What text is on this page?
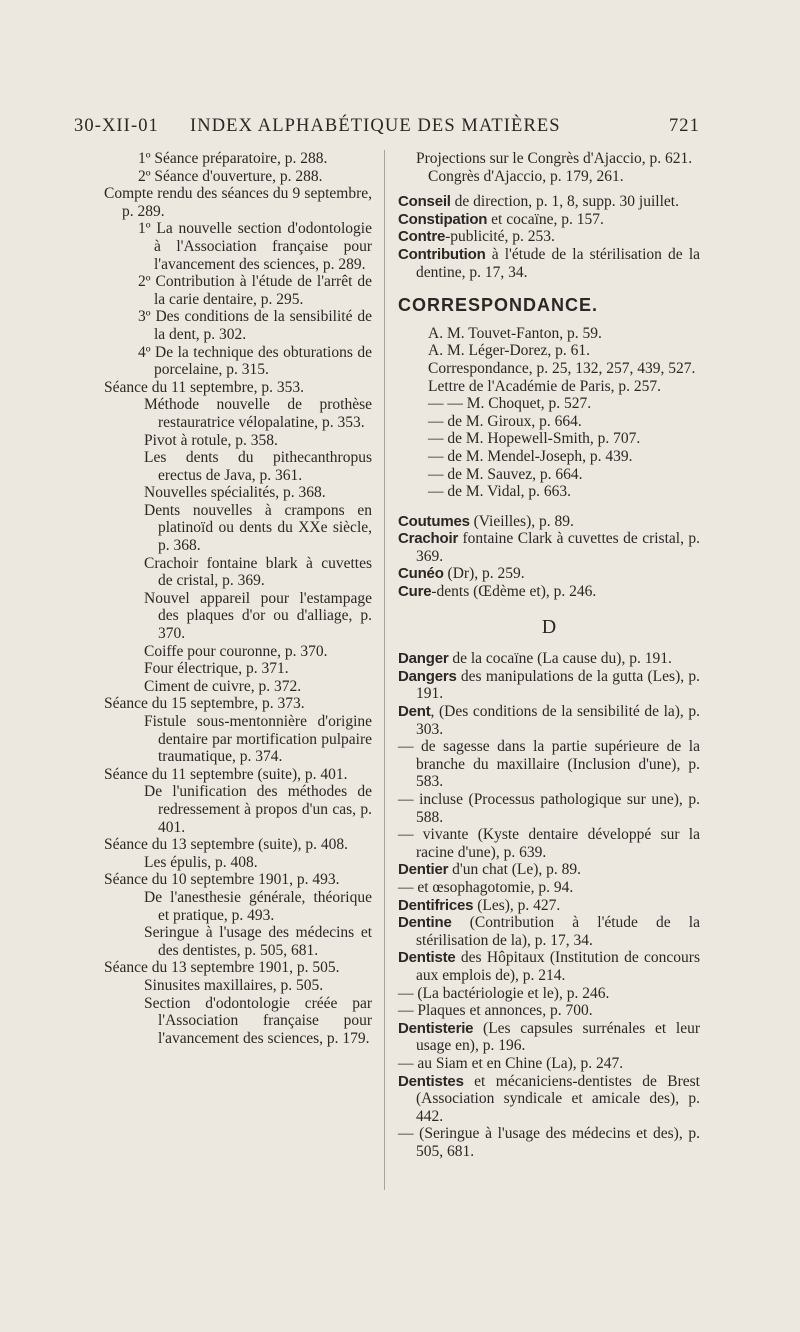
30-XII-01 INDEX ALPHABÉTIQUE DES MATIÈRES	721

1º Séance préparatoire, p. 288.

2º Séance d'ouverture, p. 288.

Compte rendu des séances du 9 septembre, p. 289.

1º La nouvelle section d'odontologie à l'Association française pour l'avancement des sciences, p. 289.

2º Contribution à l'étude de l'arrêt de la carie dentaire, p. 295.

3º Des conditions de la sensibilité de la dent, p. 302.

4º De la technique des obturations de porcelaine, p. 315.

Séance du 11 septembre, p. 353.

Méthode nouvelle de prothèse restauratrice vélopalatine, p. 353.

Pivot à rotule, p. 358.

Les dents du pithecanthropus erectus de Java, p. 361.

Nouvelles spécialités, p. 368.

Dents nouvelles à crampons en platinoïd ou dents du XXe siècle, p. 368.

Crachoir fontaine blark à cuvettes de cristal, p. 369.

Nouvel appareil pour l'estampage des plaques d'or ou d'alliage, p. 370.

Coiffe pour couronne, p. 370.

Four électrique, p. 371.

Ciment de cuivre, p. 372.

Séance du 15 septembre, p. 373.

Fistule sous-mentonnière d'origine dentaire par mortification pulpaire traumatique, p. 374.

Séance du 11 septembre (suite), p. 401.

De l'unification des méthodes de redressement à propos d'un cas, p. 401.

Séance du 13 septembre (suite), p. 408.

Les épulis, p. 408.

Séance du 10 septembre 1901, p. 493.

De l'anesthesie générale, théorique et pratique, p. 493.

Seringue à l'usage des médecins et des dentistes, p. 505, 681.

Séance du 13 septembre 1901, p. 505.

Sinusites maxillaires, p. 505.

Section d'odontologie créée par l'Association française pour l'avancement des sciences, p. 179.

Projections sur le Congrès d'Ajaccio, p. 621.

Congrès d'Ajaccio, p. 179, 261.

Conseil de direction, p. 1, 8, supp. 30 juillet.

Constipation et cocaïne, p. 157.

Contre-publicité, p. 253.

Contribution à l'étude de la stérilisation de la dentine, p. 17, 34.

CORRESPONDANCE.

A. M. Touvet-Fanton, p. 59.

A. M. Léger-Dorez, p. 61.

Correspondance, p. 25, 132, 257, 439, 527.

Lettre de l'Académie de Paris, p. 257.

— — M. Choquet, p. 527.

— de M. Giroux, p. 664.

— de M. Hopewell-Smith, p. 707.

— de M. Mendel-Joseph, p. 439.

— de M. Sauvez, p. 664.

— de M. Vidal, p. 663.

Coutumes (Vieilles), p. 89.

Crachoir fontaine Clark à cuvettes de cristal, p. 369.

Cunéo (Dr), p. 259.

Cure-dents (Œdème et), p. 246.

D

Danger de la cocaïne (La cause du), p. 191.

Dangers des manipulations de la gutta (Les), p. 191.

Dent, (Des conditions de la sensibilité de la), p. 303.

— de sagesse dans la partie supérieure de la branche du maxillaire (Inclusion d'une), p. 583.

— incluse (Processus pathologique sur une), p. 588.

— vivante (Kyste dentaire développé sur la racine d'une), p. 639.

Dentier d'un chat (Le), p. 89.

— et œsophagotomie, p. 94.

Dentifrices (Les), p. 427.

Dentine (Contribution à l'étude de la stérilisation de la), p. 17, 34.

Dentiste des Hôpitaux (Institution de concours aux emplois de), p. 214.

— (La bactériologie et le), p. 246.

— Plaques et annonces, p. 700.

Dentisterie (Les capsules surrénales et leur usage en), p. 196.

— au Siam et en Chine (La), p. 247.

Dentistes et mécaniciens-dentistes de Brest (Association syndicale et amicale des), p. 442.

— (Seringue à l'usage des médecins et des), p. 505, 681.
